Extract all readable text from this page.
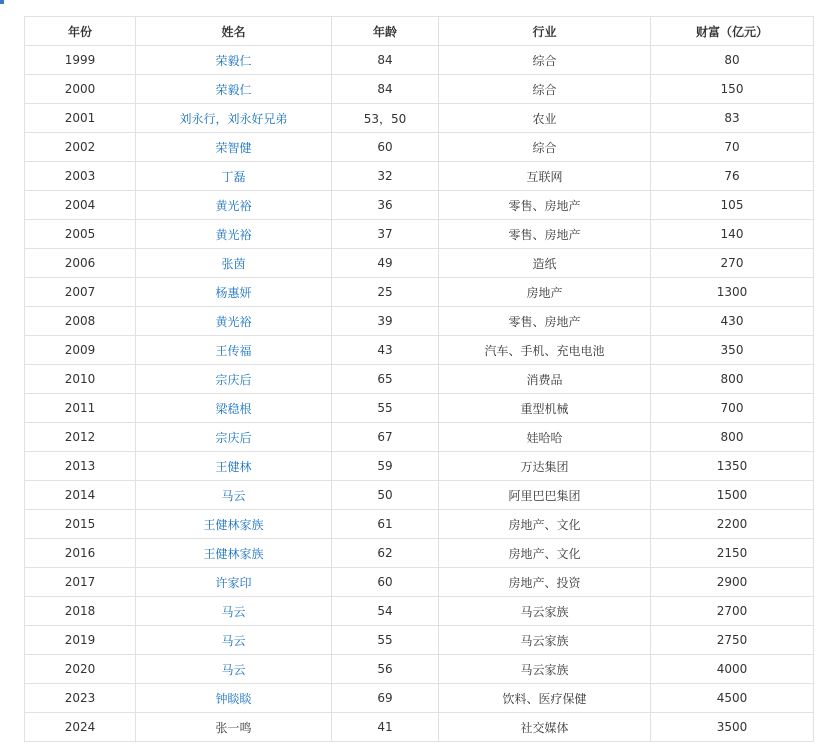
年份	姓名	年龄	行业	财富（亿元）
1999	荣毅仁	84	综合	80
2000	荣毅仁	84	综合	150
2001	刘永行，刘永好兄弟	53，50	农业	83
2002	荣智健	60	综合	70
2003	丁磊	32	互联网	76
2004	黄光裕	36	零售、房地产	105
2005	黄光裕	37	零售、房地产	140
2006	张茵	49	造纸	270
2007	杨惠妍	25	房地产	1300
2008	黄光裕	39	零售、房地产	430
2009	王传福	43	汽车、手机、充电电池	350
2010	宗庆后	65	消费品	800
2011	梁稳根	55	重型机械	700
2012	宗庆后	67	娃哈哈	800
2013	王健林	59	万达集团	1350
2014	马云	50	阿里巴巴集团	1500
2015	王健林家族	61	房地产、文化	2200
2016	王健林家族	62	房地产、文化	2150
2017	许家印	60	房地产、投资	2900
2018	马云	54	马云家族	2700
2019	马云	55	马云家族	2750
2020	马云	56	马云家族	4000
2023	钟睒睒	69	饮料、医疗保健	4500
2024	张一鸣	41	社交媒体	3500
